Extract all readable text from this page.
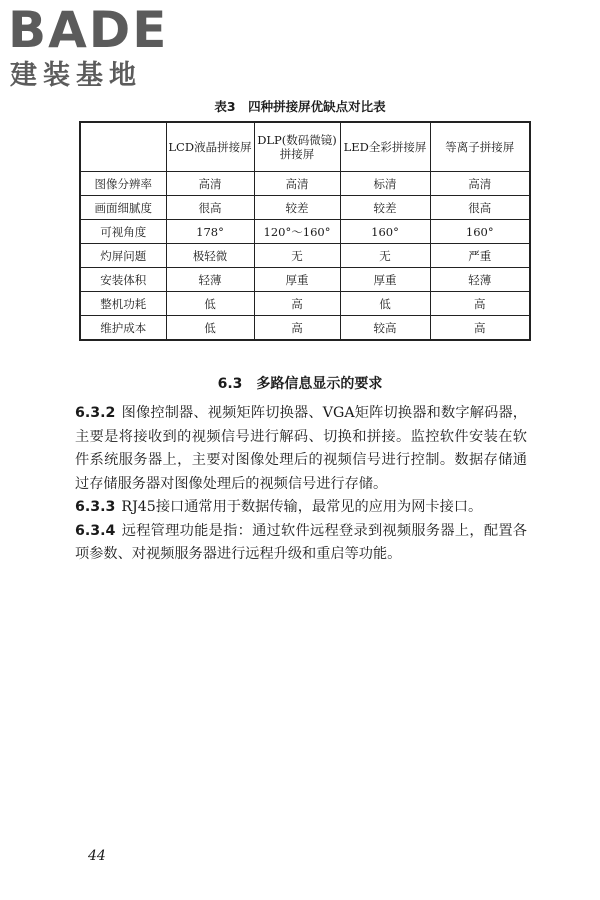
BADE
建装基地
表3　四种拼接屏优缺点对比表
	LCD液晶拼接屏	DLP(数码微镜)拼接屏	LED全彩拼接屏	等离子拼接屏
图像分辨率	高清	高清	标清	高清
画面细腻度	很高	较差	较差	很高
可视角度	178°	120°～160°	160°	160°
灼屏问题	极轻微	无	无	严重
安装体积	轻薄	厚重	厚重	轻薄
整机功耗	低	高	低	高
维护成本	低	高	较高	高
6.3　 多路信息显示的要求

6.3.2 图像控制器、视频矩阵切换器、VGA矩阵切换器和数字解码器，主要是将接收到的视频信号进行解码、切换和拼接。监控软件安装在软件系统服务器上，主要对图像处理后的视频信号进行控制。数据存储通过存储服务器对图像处理后的视频信号进行存储。

6.3.3 RJ45接口通常用于数据传输，最常见的应用为网卡接口。

6.3.4 远程管理功能是指：通过软件远程登录到视频服务器上，配置各项参数、对视频服务器进行远程升级和重启等功能。

44
